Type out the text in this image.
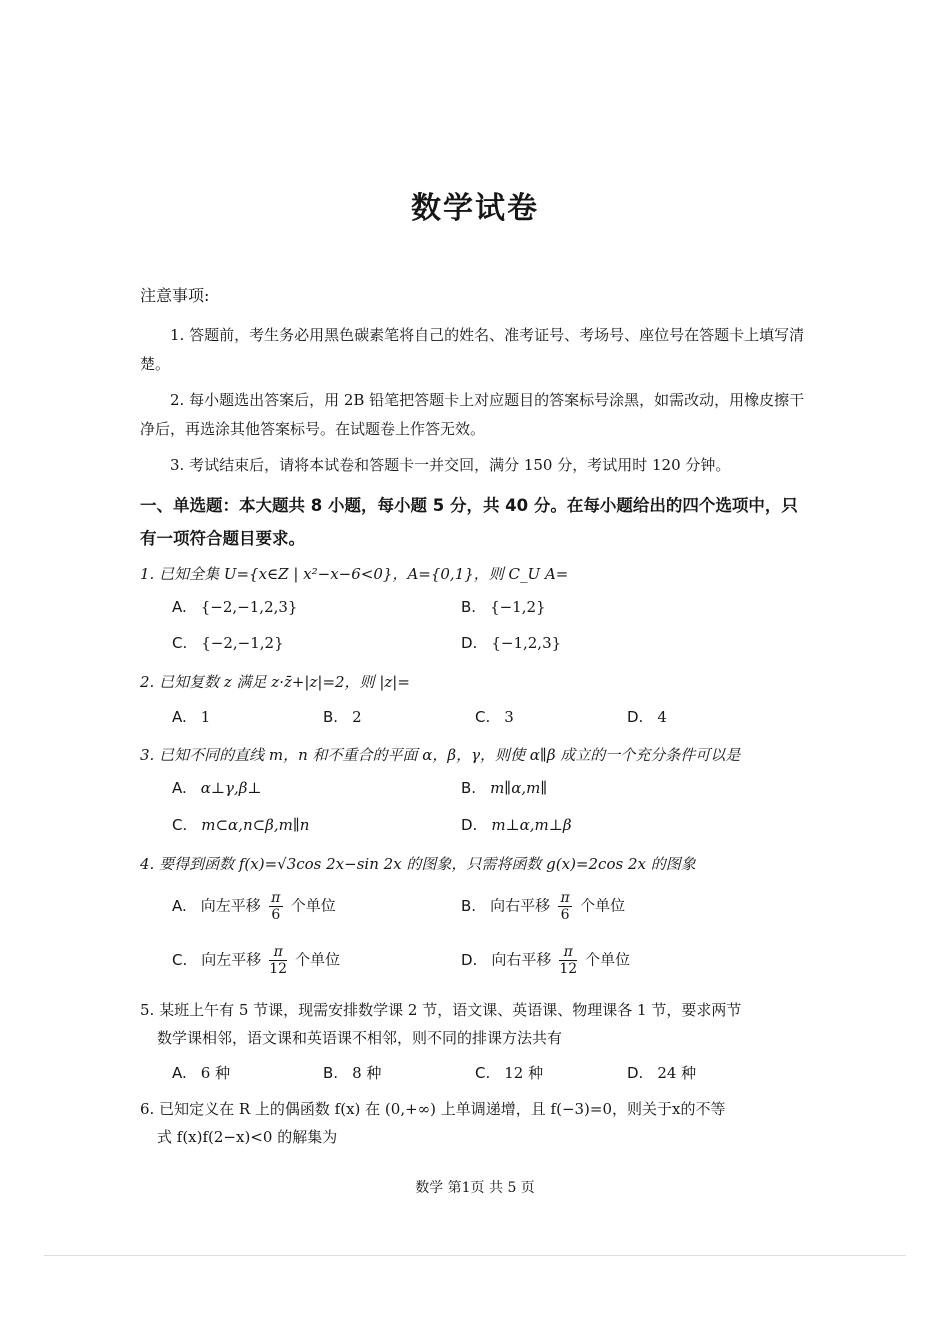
数学试卷
注意事项:
1. 答题前，考生务必用黑色碳素笔将自己的姓名、准考证号、考场号、座位号在答题卡上填写清楚。
2. 每小题选出答案后，用 2B 铅笔把答题卡上对应题目的答案标号涂黑，如需改动，用橡皮擦干净后，再选涂其他答案标号。在试题卷上作答无效。
3. 考试结束后，请将本试卷和答题卡一并交回，满分 150 分，考试用时 120 分钟。
一、单选题：本大题共 8 小题，每小题 5 分，共 40 分。在每小题给出的四个选项中，只有一项符合题目要求。
1. 已知全集 U={x∈Z | x²−x−6<0}，A={0,1}，则 C_U A=
A. {−2,−1,2,3}	B. {−1,2}
C. {−2,−1,2}	D. {−1,2,3}
2. 已知复数 z 满足 z·z̄+|z|=2，则 |z|=
A. 1	B. 2	C. 3	D. 4
3. 已知不同的直线 m，n 和不重合的平面 α，β，γ，则使 α∥β 成立的一个充分条件可以是
A. α⊥γ,β⊥	B. m∥α,m∥
C. m⊂α,n⊂β,m∥n	D. m⊥α,m⊥β
4. 要得到函数 f(x)=√3cos 2x−sin 2x 的图象，只需将函数 g(x)=2cos 2x 的图象
A. 向左平移 $\frac{\pi}{6}$ 个单位	B. 向右平移 $\frac{\pi}{6}$ 个单位
C. 向左平移 $\frac{\pi}{12}$ 个单位	D. 向右平移 $\frac{\pi}{12}$ 个单位
5. 某班上午有 5 节课，现需安排数学课 2 节，语文课、英语课、物理课各 1 节，要求两节
数学课相邻，语文课和英语课不相邻，则不同的排课方法共有
A. 6 种	B. 8 种	C. 12 种	D. 24 种
6. 已知定义在 R 上的偶函数 f(x) 在 (0,+∞) 上单调递增，且 f(−3)=0，则关于x的不等
式 f(x)f(2−x)<0 的解集为
数学 第1页 共 5 页
